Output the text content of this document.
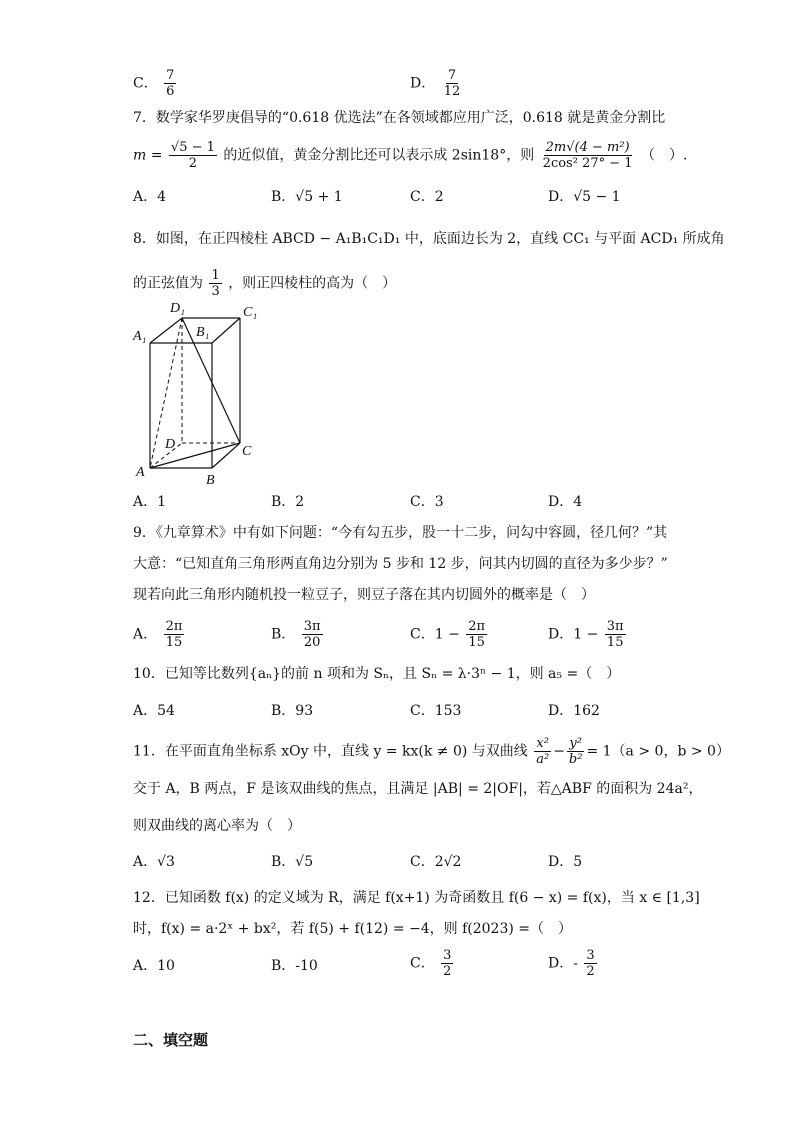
C． $\frac{7}{6}$	D． $\frac{7}{12}$
7．数学家华罗庚倡导的“0.618 优选法”在各领域都应用广泛，0.618 就是黄金分割比
$m = \frac{√5 - 1}{2}$ 的近似值，黄金分割比还可以表示成 2sin18°，则 $\frac{\text{2m√(4 − m²)}}{\text{2cos² 27° − 1}}$ （　）.
A．4	B．√5 + 1	C．2	D．√5 − 1
8．如图，在正四棱柱 ABCD − A₁B₁C₁D₁ 中，底面边长为 2，直线 CC₁ 与平面 ACD₁ 所成角
的正弦值为 $\frac{1}{3}$ ，则正四棱柱的高为（　）
D₁	C₁
A₁	B₁
D	C
A
B
A．1	B．2	C．3	D．4
9．《九章算术》中有如下问题：“今有勾五步，股一十二步，问勾中容圆，径几何？”其
大意：“已知直角三角形两直角边分别为 5 步和 12 步，问其内切圆的直径为多少步？”
现若向此三角形内随机投一粒豆子，则豆子落在其内切圆外的概率是（　）
A． $\frac{2\pi}{15}$	B． $\frac{3\pi}{20}$	C．$1 - \frac{2\pi}{15}$	D．$1 - \frac{3\pi}{15}$
10．已知等比数列{aₙ}的前 n 项和为 Sₙ，且 Sₙ = λ·3ⁿ − 1，则 a₅ =（　）
A．54	B．93	C．153	D．162
11．在平面直角坐标系 xOy 中，直线 y = kx(k ≠ 0) 与双曲线 $\frac{\text{x²}}{\text{a²}} - \frac{\text{y²}}{\text{b²}} = 1(a > 0$，b > 0）
交于 A，B 两点，F 是该双曲线的焦点，且满足 |AB| = 2|OF|，若△ABF 的面积为 24a²，
则双曲线的离心率为（　）
A．√3	B．√5	C．2√2	D．5
12．已知函数 f(x) 的定义域为 R，满足 f(x+1) 为奇函数且 f(6 − x) = f(x)，当 x ∈ [1,3]
时，f(x) = a·2ˣ + bx²，若 f(5) + f(12) = −4，则 f(2023) =（　）
A．10	B．-10	C． $\frac{3}{2}$	D．- $\frac{3}{2}$
二、填空题
